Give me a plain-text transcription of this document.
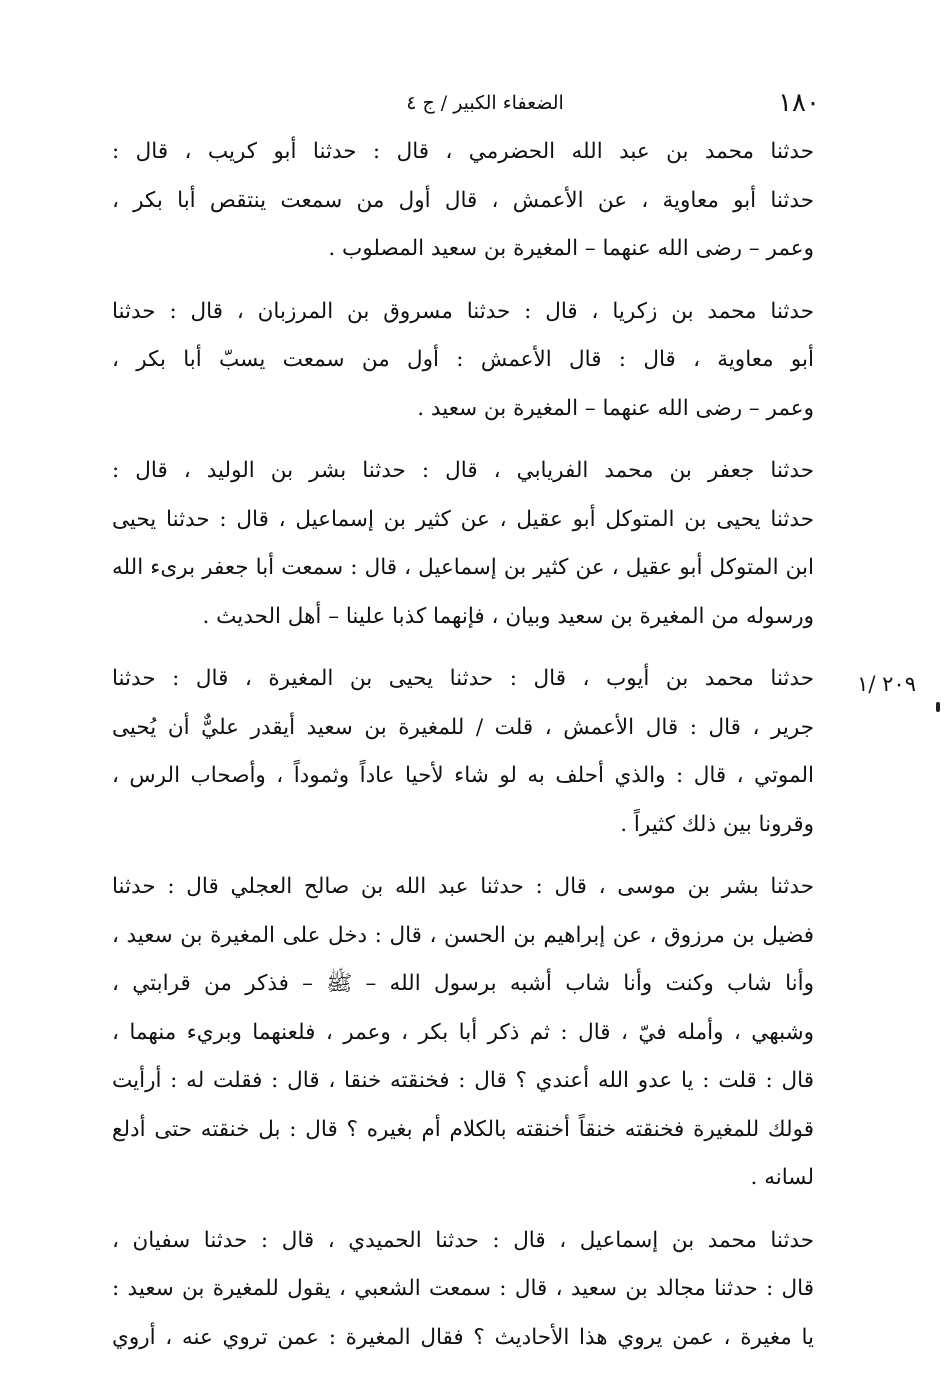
١٨٠
الضعفاء الكبير / ج ٤
٢٠٩ /١

حدثنا محمد بن عبد الله الحضرمي ، قال : حدثنا أبو كريب ، قال :
حدثنا أبو معاوية ، عن الأعمش ، قال أول من سمعت ينتقص أبا بكر ،
وعمر – رضى الله عنهما – المغيرة بن سعيد المصلوب .

حدثنا محمد بن زكريا ، قال : حدثنا مسروق بن المرزبان ، قال : حدثنا
أبو معاوية ، قال : قال الأعمش : أول من سمعت يسبّ أبا بكر ،
وعمر – رضى الله عنهما – المغيرة بن سعيد .

حدثنا جعفر بن محمد الفريابي ، قال : حدثنا بشر بن الوليد ، قال :
حدثنا يحيى بن المتوكل أبو عقيل ، عن كثير بن إسماعيل ، قال : حدثنا يحيى
ابن المتوكل أبو عقيل ، عن كثير بن إسماعيل ، قال : سمعت أبا جعفر برىء الله
ورسوله من المغيرة بن سعيد وبيان ، فإنهما كذبا علينا – أهل الحديث .

حدثنا محمد بن أيوب ، قال : حدثنا يحيى بن المغيرة ، قال : حدثنا
جرير ، قال : قال الأعمش ، قلت / للمغيرة بن سعيد أيقدر عليٌّ أن يُحيى
الموتي ، قال : والذي أحلف به لو شاء لأحيا عاداً وثموداً ، وأصحاب الرس ،
وقرونا بين ذلك كثيراً .

حدثنا بشر بن موسى ، قال : حدثنا عبد الله بن صالح العجلي قال : حدثنا
فضيل بن مرزوق ، عن إبراهيم بن الحسن ، قال : دخل على المغيرة بن سعيد ،
وأنا شاب وكنت وأنا شاب أشبه برسول الله – ﷺ – فذكر من قرابتي ،
وشبهي ، وأمله فيّ ، قال : ثم ذكر أبا بكر ، وعمر ، فلعنهما وبريء منهما ،
قال : قلت : يا عدو الله أعندي ؟ قال : فخنقته خنقا ، قال : فقلت له : أرأيت
قولك للمغيرة فخنقته خنقاً أخنقته بالكلام أم بغيره ؟ قال : بل خنقته حتى أدلع
لسانه .

حدثنا محمد بن إسماعيل ، قال : حدثنا الحميدي ، قال : حدثنا سفيان ،
قال : حدثنا مجالد بن سعيد ، قال : سمعت الشعبي ، يقول للمغيرة بن سعيد :
يا مغيرة ، عمن يروي هذا الأحاديث ؟ فقال المغيرة : عمن تروي عنه ، أروي
